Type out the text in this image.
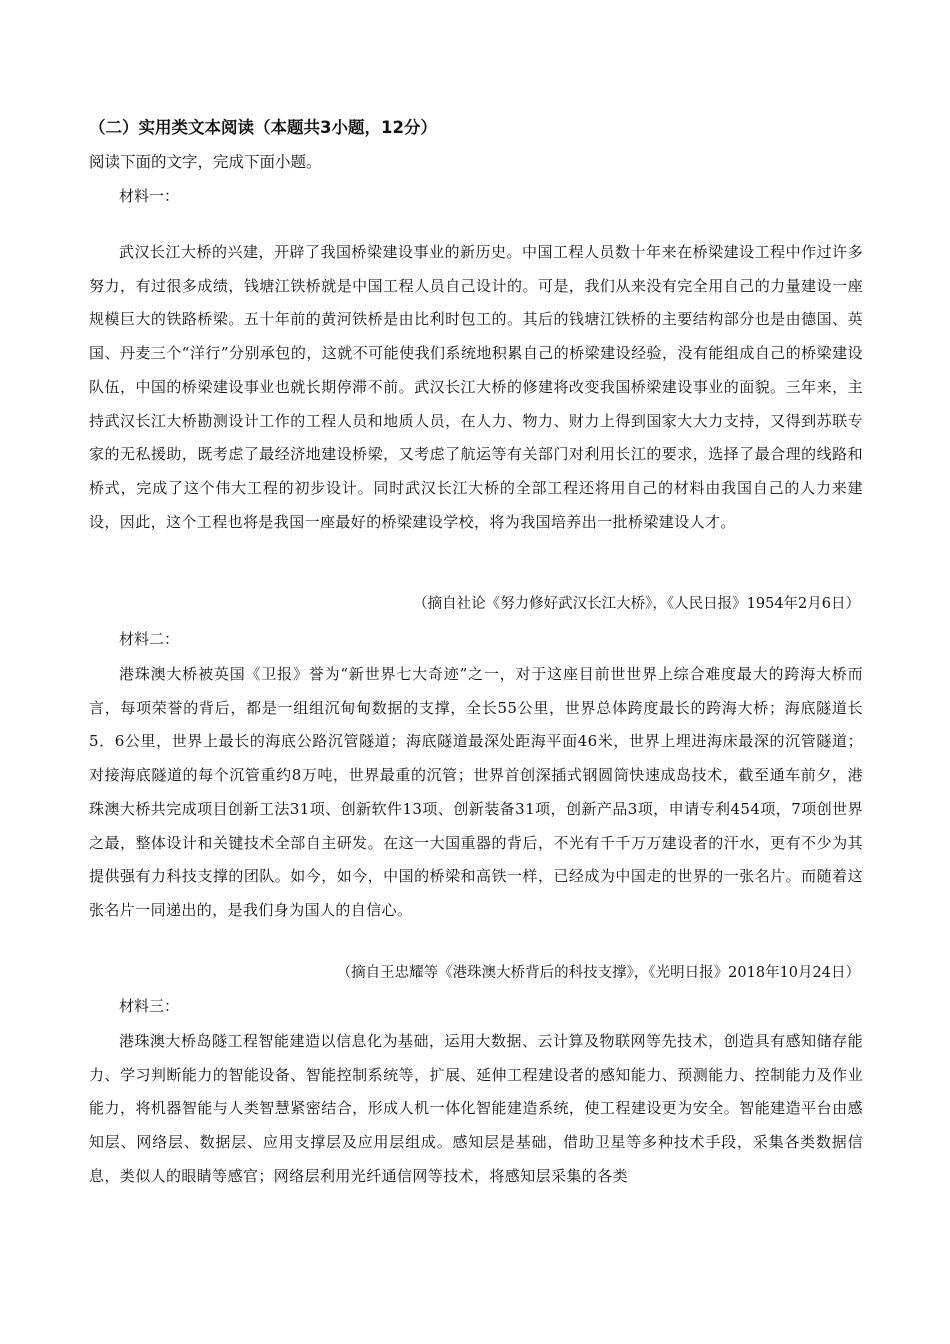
（二）实用类文本阅读（本题共3小题，12分）
阅读下面的文字，完成下面小题。
材料一：
武汉长江大桥的兴建，开辟了我国桥梁建设事业的新历史。中国工程人员数十年来在桥梁建设工程中作过许多努力，有过很多成绩，钱塘江铁桥就是中国工程人员自己设计的。可是，我们从来没有完全用自己的力量建设一座规模巨大的铁路桥梁。五十年前的黄河铁桥是由比利时包工的。其后的钱塘江铁桥的主要结构部分也是由德国、英国、丹麦三个“洋行”分别承包的，这就不可能使我们系统地积累自己的桥梁建设经验，没有能组成自己的桥梁建设队伍，中国的桥梁建设事业也就长期停滞不前。武汉长江大桥的修建将改变我国桥梁建设事业的面貌。三年来，主持武汉长江大桥勘测设计工作的工程人员和地质人员，在人力、物力、财力上得到国家大大力支持，又得到苏联专家的无私援助，既考虑了最经济地建设桥梁，又考虑了航运等有关部门对利用长江的要求，选择了最合理的线路和桥式，完成了这个伟大工程的初步设计。同时武汉长江大桥的全部工程还将用自己的材料由我国自己的人力来建设，因此，这个工程也将是我国一座最好的桥梁建设学校，将为我国培养出一批桥梁建设人才。
（摘自社论《努力修好武汉长江大桥》，《人民日报》1954年2月6日）
材料二：
港珠澳大桥被英国《卫报》誉为“新世界七大奇迹”之一，对于这座目前世世界上综合难度最大的跨海大桥而言，每项荣誉的背后，都是一组组沉甸甸数据的支撑，全长55公里，世界总体跨度最长的跨海大桥；海底隧道长5．6公里，世界上最长的海底公路沉管隧道；海底隧道最深处距海平面46米，世界上埋进海床最深的沉管隧道；对接海底隧道的每个沉管重约8万吨，世界最重的沉管；世界首创深插式钢圆筒快速成岛技术，截至通车前夕，港珠澳大桥共完成项目创新工法31项、创新软件13项、创新装备31项，创新产品3项，申请专利454项，7项创世界之最，整体设计和关键技术全部自主研发。在这一大国重器的背后，不光有千千万万建设者的汗水，更有不少为其提供强有力科技支撑的团队。如今，如今，中国的桥梁和高铁一样，已经成为中国走的世界的一张名片。而随着这张名片一同递出的，是我们身为国人的自信心。
（摘自王忠耀等《港珠澳大桥背后的科技支撑》，《光明日报》2018年10月24日）
材料三：
港珠澳大桥岛隧工程智能建造以信息化为基础，运用大数据、云计算及物联网等先技术，创造具有感知储存能力、学习判断能力的智能设备、智能控制系统等，扩展、延伸工程建设者的感知能力、预测能力、控制能力及作业能力，将机器智能与人类智慧紧密结合，形成人机一体化智能建造系统，使工程建设更为安全。智能建造平台由感知层、网络层、数据层、应用支撑层及应用层组成。感知层是基础，借助卫星等多种技术手段，采集各类数据信息，类似人的眼睛等感官；网络层利用光纤通信网等技术，将感知层采集的各类
